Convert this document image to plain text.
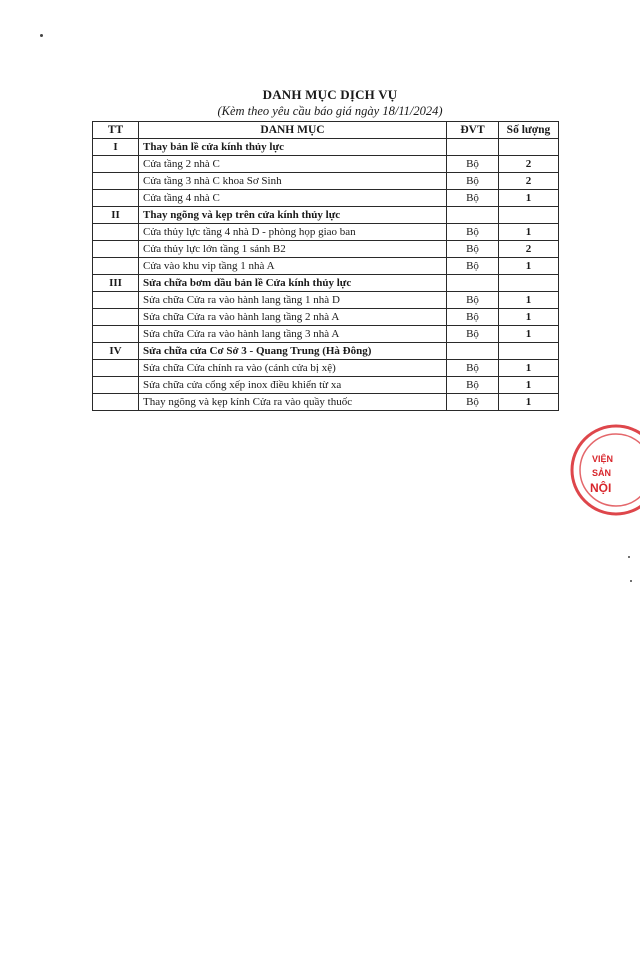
DANH MỤC DỊCH VỤ
(Kèm theo yêu cầu báo giá ngày 18/11/2024)
TT	DANH MỤC	ĐVT	Số lượng
I	Thay bản lề cửa kính thủy lực		
	Cửa tầng 2 nhà C	Bộ	2
	Cửa tầng 3 nhà C khoa Sơ Sinh	Bộ	2
	Cửa tầng 4 nhà C	Bộ	1
II	Thay ngõng và kẹp trên cửa kính thủy lực		
	Cửa thủy lực tầng 4 nhà D - phòng họp giao ban	Bộ	1
	Cửa thủy lực lớn tầng 1 sảnh B2	Bộ	2
	Cửa vào khu vip tầng 1 nhà A	Bộ	1
III	Sửa chữa bơm dầu bản lề Cửa kính thủy lực		
	Sửa chữa Cửa ra vào hành lang tầng 1 nhà D	Bộ	1
	Sửa chữa Cửa ra vào hành lang tầng 2 nhà A	Bộ	1
	Sửa chữa Cửa ra vào hành lang tầng 3 nhà A	Bộ	1
IV	Sửa chữa cửa Cơ Sở 3 - Quang Trung (Hà Đông)		
	Sửa chữa Cửa chính ra vào (cánh cửa bị xệ)	Bộ	1
	Sửa chữa cửa cổng xếp inox điều khiển từ xa	Bộ	1
	Thay ngõng và kẹp kính Cửa ra vào quầy thuốc	Bộ	1
VIỆN
SẢN
NỘI
